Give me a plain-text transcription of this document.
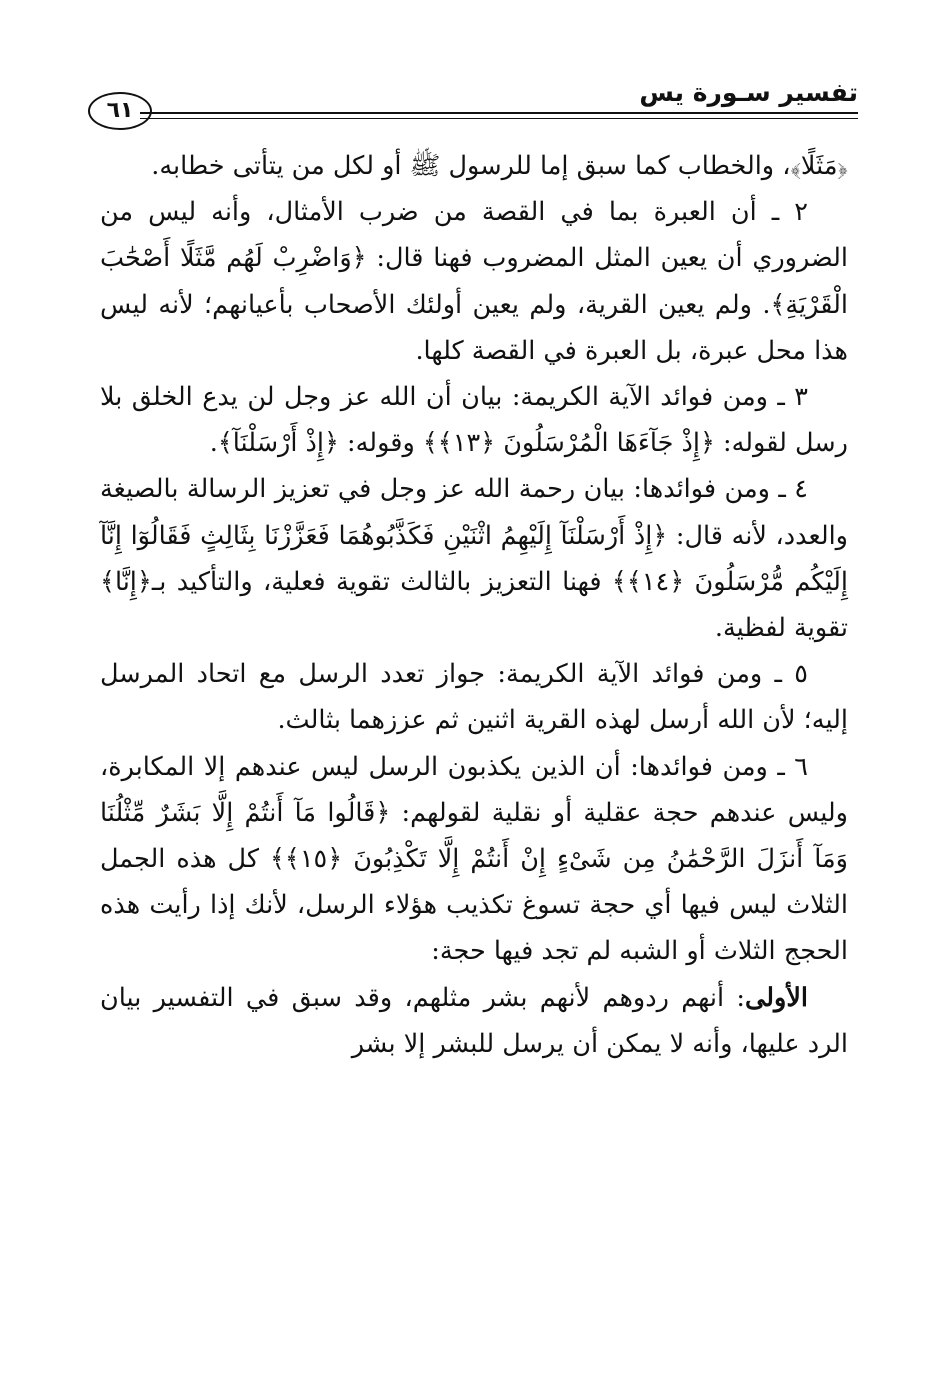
٦١
تفسير سـورة يس

﴿مَثَلًا﴾، والخطاب كما سبق إما للرسول ﷺ أو لكل من يتأتى خطابه.

٢ ـ أن العبرة بما في القصة من ضرب الأمثال، وأنه ليس من الضروري أن يعين المثل المضروب فهنا قال: ﴿وَاضْرِبْ لَهُم مَّثَلًا أَصْحَٰبَ الْقَرْيَةِ﴾. ولم يعين القرية، ولم يعين أولئك الأصحاب بأعيانهم؛ لأنه ليس هذا محل عبرة، بل العبرة في القصة كلها.

٣ ـ ومن فوائد الآية الكريمة: بيان أن الله عز وجل لن يدع الخلق بلا رسل لقوله: ﴿إِذْ جَآءَهَا الْمُرْسَلُونَ ﴿١٣﴾﴾ وقوله: ﴿إِذْ أَرْسَلْنَآ﴾.

٤ ـ ومن فوائدها: بيان رحمة الله عز وجل في تعزيز الرسالة بالصيغة والعدد، لأنه قال: ﴿إِذْ أَرْسَلْنَآ إِلَيْهِمُ اثْنَيْنِ فَكَذَّبُوهُمَا فَعَزَّزْنَا بِثَالِثٍ فَقَالُوٓا إِنَّآ إِلَيْكُم مُّرْسَلُونَ ﴿١٤﴾﴾ فهنا التعزيز بالثالث تقوية فعلية، والتأكيد بـ﴿إِنَّا﴾ تقوية لفظية.

٥ ـ ومن فوائد الآية الكريمة: جواز تعدد الرسل مع اتحاد المرسل إليه؛ لأن الله أرسل لهذه القرية اثنين ثم عززهما بثالث.

٦ ـ ومن فوائدها: أن الذين يكذبون الرسل ليس عندهم إلا المكابرة، وليس عندهم حجة عقلية أو نقلية لقولهم: ﴿قَالُوا مَآ أَنتُمْ إِلَّا بَشَرٌ مِّثْلُنَا وَمَآ أَنزَلَ الرَّحْمَٰنُ مِن شَىْءٍ إِنْ أَنتُمْ إِلَّا تَكْذِبُونَ ﴿١٥﴾﴾ كل هذه الجمل الثلاث ليس فيها أي حجة تسوغ تكذيب هؤلاء الرسل، لأنك إذا رأيت هذه الحجج الثلاث أو الشبه لم تجد فيها حجة:

الأولى: أنهم ردوهم لأنهم بشر مثلهم، وقد سبق في التفسير بيان الرد عليها، وأنه لا يمكن أن يرسل للبشر إلا بشر
